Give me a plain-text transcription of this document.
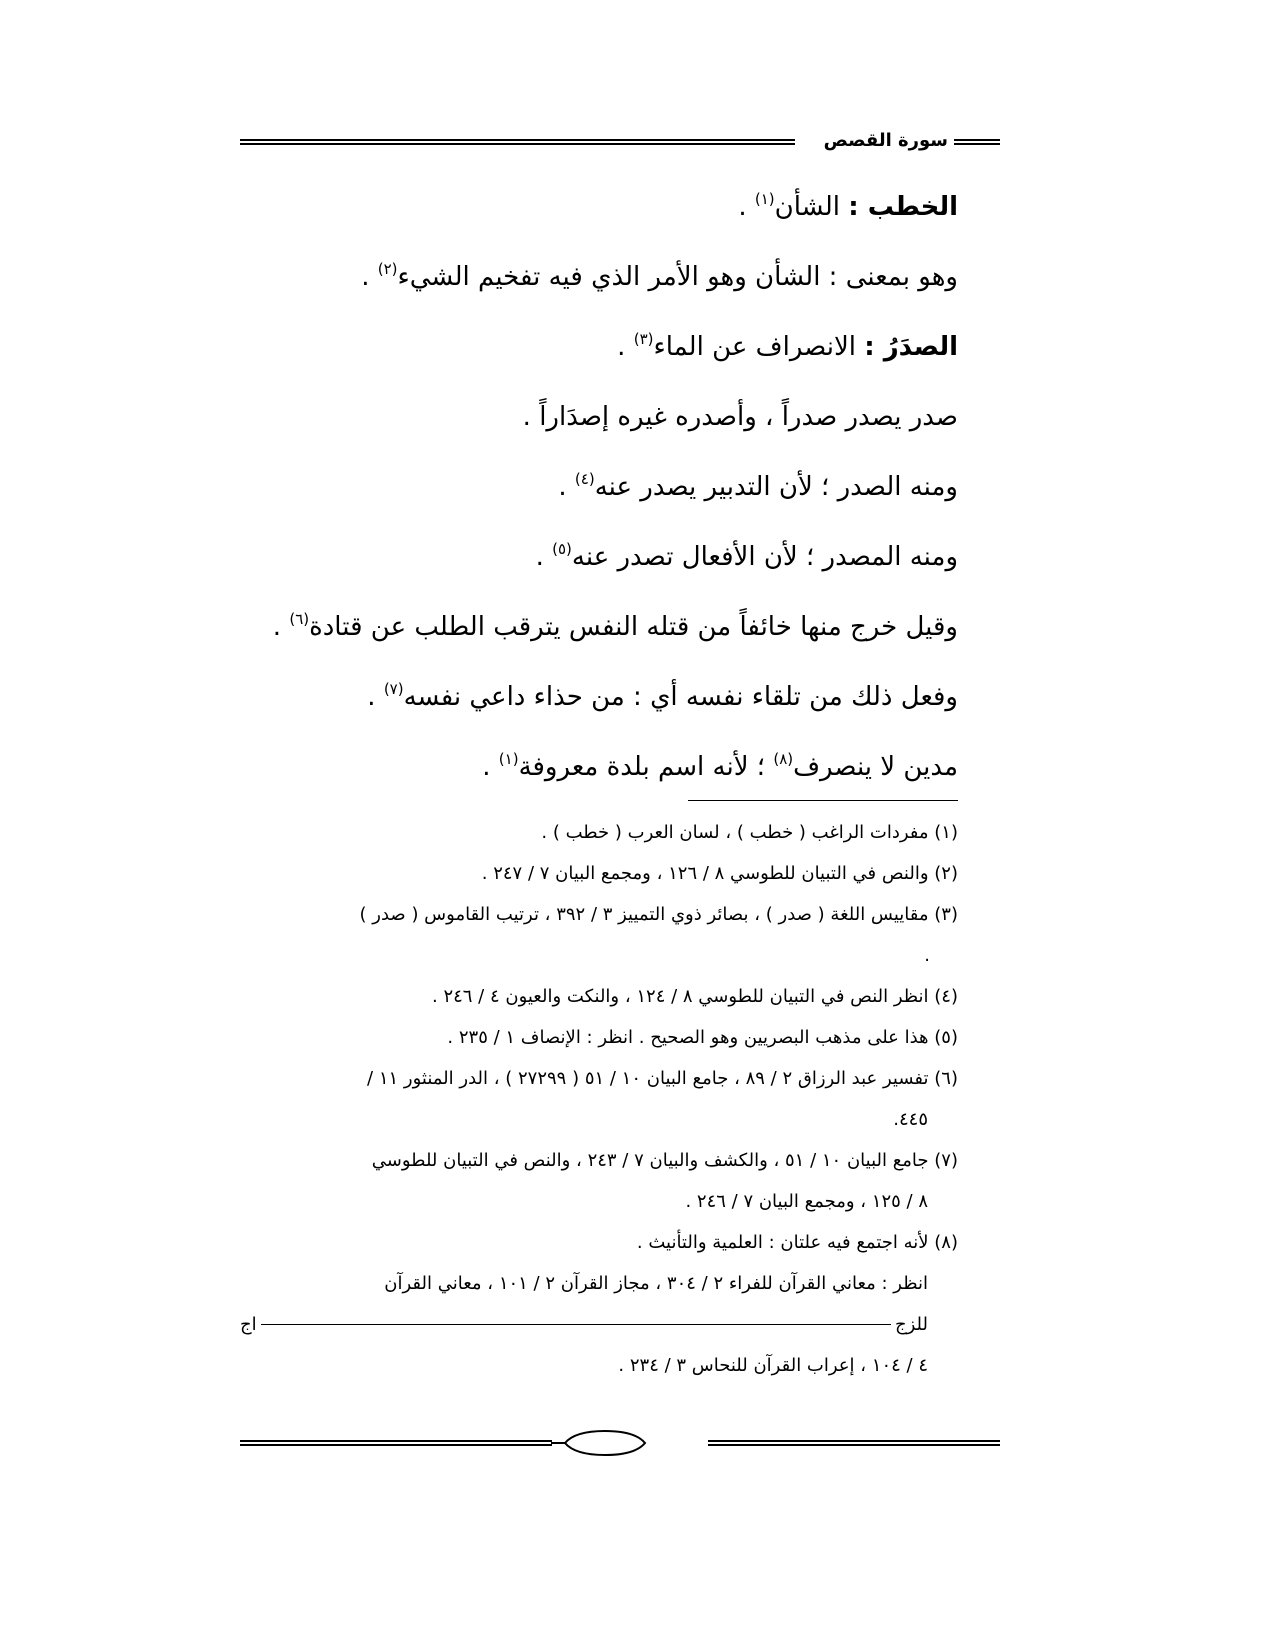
سورة القصص
الخطب : الشأن$^{(١)}$ .
وهو بمعنى : الشأن وهو الأمر الذي فيه تفخيم الشيء$^{(٢)}$ .
الصدَرُ : الانصراف عن الماء$^{(٣)}$ .
صدر يصدر صدراً ، وأصدره غيره إصدَاراً .
ومنه الصدر ؛ لأن التدبير يصدر عنه$^{(٤)}$ .
ومنه المصدر ؛ لأن الأفعال تصدر عنه$^{(٥)}$ .
وقيل خرج منها خائفاً من قتله النفس يترقب الطلب عن قتادة$^{(٦)}$ .
وفعل ذلك من تلقاء نفسه أي : من حذاء داعي نفسه$^{(٧)}$ .
مدين لا ينصرف$^{(٨)}$ ؛ لأنه اسم بلدة معروفة$^{(١)}$ .
(١) مفردات الراغب ( خطب ) ، لسان العرب ( خطب ) .
(٢) والنص في التبيان للطوسي ٨ / ١٢٦ ، ومجمع البيان ٧ / ٢٤٧ .
(٣) مقاييس اللغة ( صدر ) ، بصائر ذوي التمييز ٣ / ٣٩٢ ، ترتيب القاموس ( صدر )
.
(٤) انظر النص في التبيان للطوسي ٨ / ١٢٤ ، والنكت والعيون ٤ / ٢٤٦ .
(٥) هذا على مذهب البصريين وهو الصحيح . انظر : الإنصاف ١ / ٢٣٥ .
(٦) تفسير عبد الرزاق ٢ / ٨٩ ، جامع البيان ١٠ / ٥١ ( ٢٧٢٩٩ ) ، الدر المنثور ١١ /
٤٤٥.
(٧) جامع البيان ١٠ / ٥١ ، والكشف والبيان ٧ / ٢٤٣ ، والنص في التبيان للطوسي
٨ / ١٢٥ ، ومجمع البيان ٧ / ٢٤٦ .
(٨) لأنه اجتمع فيه علتان : العلمية والتأنيث .
انظر : معاني القرآن للفراء ٢ / ٣٠٤ ، مجاز القرآن ٢ / ١٠١ ، معاني القرآن
للزج
اج
٤ / ١٠٤ ، إعراب القرآن للنحاس ٣ / ٢٣٤ .
